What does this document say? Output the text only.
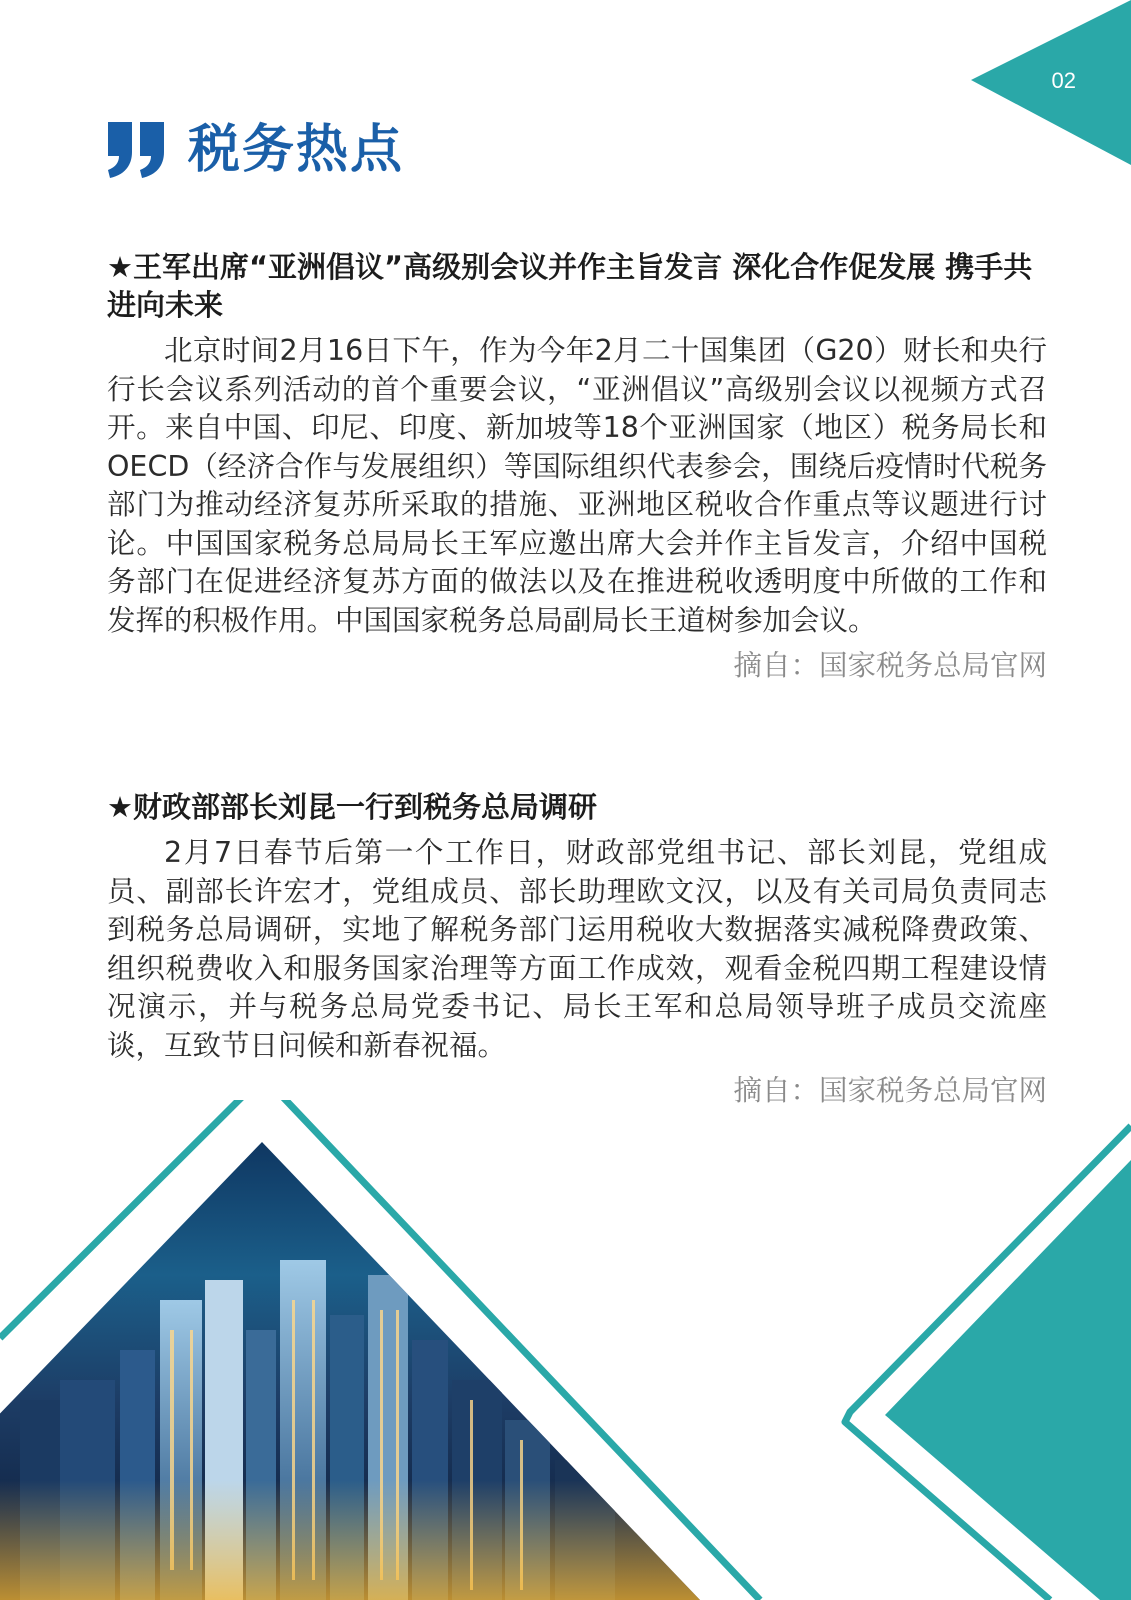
02
税务热点
★王军出席“亚洲倡议”高级别会议并作主旨发言 深化合作促发展 携手共进向未来

北京时间2月16日下午，作为今年2月二十国集团（G20）财长和央行行长会议系列活动的首个重要会议，“亚洲倡议”高级别会议以视频方式召开。来自中国、印尼、印度、新加坡等18个亚洲国家（地区）税务局长和OECD（经济合作与发展组织）等国际组织代表参会，围绕后疫情时代税务部门为推动经济复苏所采取的措施、亚洲地区税收合作重点等议题进行讨论。中国国家税务总局局长王军应邀出席大会并作主旨发言，介绍中国税务部门在促进经济复苏方面的做法以及在推进税收透明度中所做的工作和发挥的积极作用。中国国家税务总局副局长王道树参加会议。

摘自：国家税务总局官网
★财政部部长刘昆一行到税务总局调研

2月7日春节后第一个工作日，财政部党组书记、部长刘昆，党组成员、副部长许宏才，党组成员、部长助理欧文汉，以及有关司局负责同志到税务总局调研，实地了解税务部门运用税收大数据落实减税降费政策、组织税费收入和服务国家治理等方面工作成效，观看金税四期工程建设情况演示，并与税务总局党委书记、局长王军和总局领导班子成员交流座谈，互致节日问候和新春祝福。

摘自：国家税务总局官网
